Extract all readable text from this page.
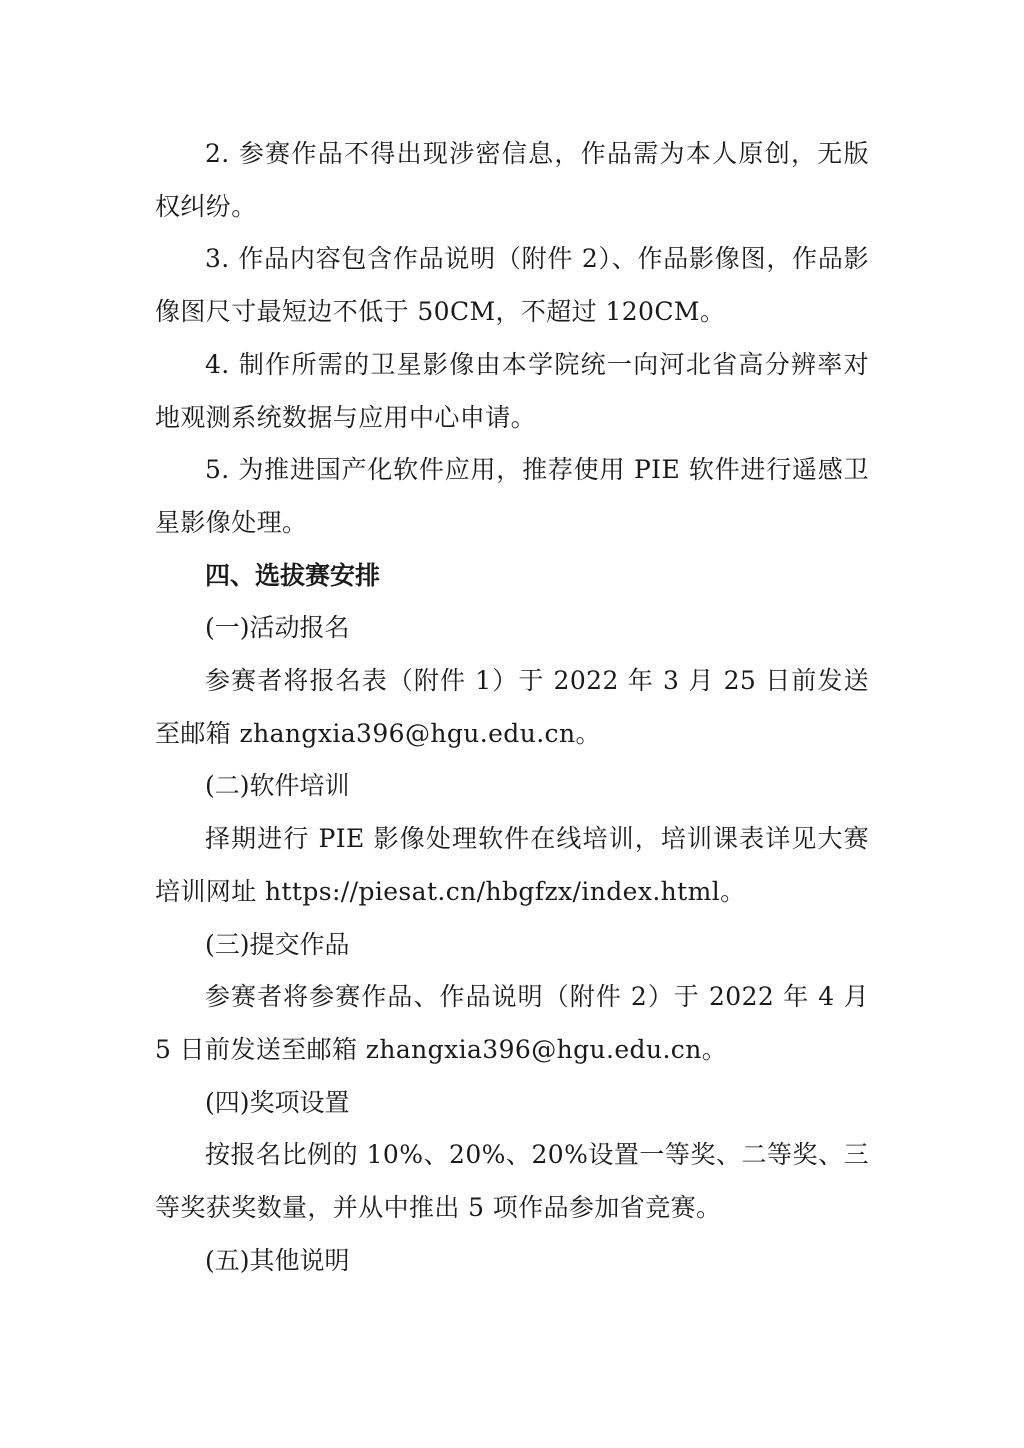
2. 参赛作品不得出现涉密信息，作品需为本人原创，无版权纠纷。

3. 作品内容包含作品说明（附件 2）、作品影像图，作品影像图尺寸最短边不低于 50CM，不超过 120CM。

4. 制作所需的卫星影像由本学院统一向河北省高分辨率对地观测系统数据与应用中心申请。

5. 为推进国产化软件应用，推荐使用 PIE 软件进行遥感卫星影像处理。

四、选拔赛安排

(一)活动报名

参赛者将报名表（附件 1）于 2022 年 3 月 25 日前发送至邮箱 zhangxia396@hgu.edu.cn。

(二)软件培训

择期进行 PIE 影像处理软件在线培训，培训课表详见大赛培训网址 https://piesat.cn/hbgfzx/index.html。

(三)提交作品

参赛者将参赛作品、作品说明（附件 2）于 2022 年 4 月 5 日前发送至邮箱 zhangxia396@hgu.edu.cn。

(四)奖项设置

按报名比例的 10%、20%、20%设置一等奖、二等奖、三等奖获奖数量，并从中推出 5 项作品参加省竞赛。

(五)其他说明
